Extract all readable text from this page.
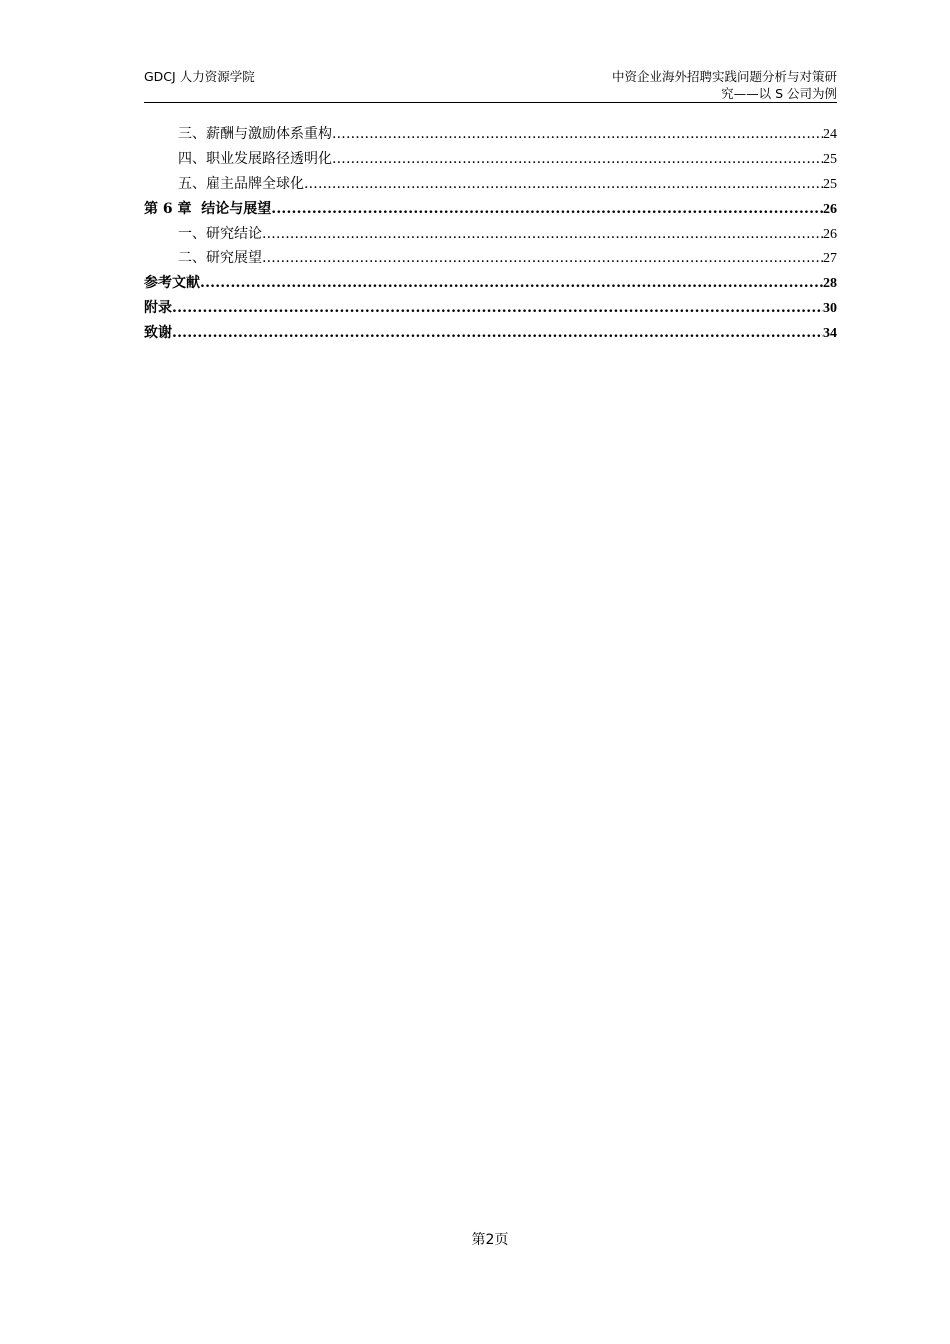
GDCJ 人力资源学院	中资企业海外招聘实践问题分析与对策研
究——以 S 公司为例
三、薪酬与激励体系重构 .....	24
四、职业发展路径透明化 .....	25
五、雇主品牌全球化 .....	25
第 6 章  结论与展望 .....	26
一、研究结论 .....	26
二、研究展望 .....	27
参考文献 .....	28
附录 .....	30
致谢 .....	34
第2页
